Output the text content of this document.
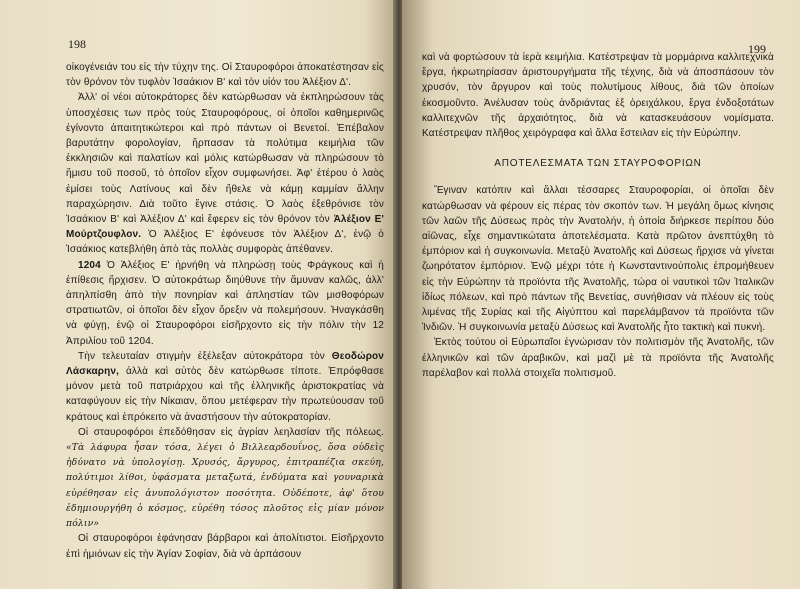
198

οἰκογένειάν του εἰς τὴν τύχην της. Οἱ Σταυροφόροι ἀποκατέστησαν εἰς τὸν θρόνον τὸν τυφλὸν Ἰσαάκιον Β' καὶ τὸν υἱόν του Ἀλέξιον Δ'.

Ἀλλ' οἱ νέοι αὐτοκράτορες δὲν κατώρθωσαν νὰ ἐκπληρώσουν τὰς ὑποσχέσεις των πρὸς τοὺς Σταυροφόρους, οἱ ὁποῖοι καθημερινῶς ἐγίνοντο ἀπαιτητικώτεροι καὶ πρὸ πάντων οἱ Βενετοί. Ἐπέβαλον βαρυτάτην φορολογίαν, ἥρπασαν τὰ πολύτιμα κειμήλια τῶν ἐκκλησιῶν καὶ παλατίων καὶ μόλις κατώρθωσαν νὰ πληρώσουν τὸ ἥμισυ τοῦ ποσοῦ, τὸ ὁποῖον εἶχον συμφωνήσει. Ἀφ' ἑτέρου ὁ λαὸς ἐμίσει τοὺς Λατίνους καὶ δὲν ἤθελε νὰ κάμῃ καμμίαν ἄλλην παραχώρησιν. Διὰ τοῦτο ἔγινε στάσις. Ὁ λαὸς ἐξεθρόνισε τὸν Ἰσαάκιον Β' καὶ Ἀλέξιον Δ' καὶ ἔφερεν εἰς τὸν θρόνον τὸν Ἀλέξιον Ε' Μούρτζουφλον. Ὁ Ἀλέξιος Ε' ἐφόνευσε τὸν Ἀλέξιον Δ', ἐνῷ ὁ Ἰσαάκιος κατεβλήθη ἀπὸ τὰς πολλὰς συμφορὰς ἀπέθανεν.

1204 Ὁ Ἀλέξιος Ε' ἠρνήθη νὰ πληρώσῃ τοὺς Φράγκους καὶ ἡ ἐπίθεσις ἤρχισεν. Ὁ αὐτοκράτωρ διηύθυνε τὴν ἄμυναν καλῶς, ἀλλ' ἀπηλπίσθη ἀπὸ τὴν πονηρίαν καὶ ἀπληστίαν τῶν μισθοφόρων στρατιωτῶν, οἱ ὁποῖοι δὲν εἶχον ὄρεξιν νὰ πολεμήσουν. Ἠναγκάσθη νὰ φύγῃ, ἐνῷ οἱ Σταυροφόροι εἰσῆρχοντο εἰς τὴν πόλιν τὴν 12 Ἀπριλίου τοῦ 1204.

Τὴν τελευταίαν στιγμὴν ἐξέλεξαν αὐτοκράτορα τὸν Θεοδώρον Λάσκαρην, ἀλλὰ καὶ αὐτὸς δὲν κατώρθωσε τίποτε. Ἐπρόφθασε μόνον μετὰ τοῦ πατριάρχου καὶ τῆς ἑλληνικῆς ἀριστοκρατίας νὰ καταφύγουν εἰς τὴν Νίκαιαν, ὅπου μετέφεραν τὴν πρωτεύουσαν τοῦ κράτους καὶ ἐπρόκειτο νὰ ἀναστήσουν τὴν αὐτοκρατορίαν.

Οἱ σταυροφόροι ἐπεδόθησαν εἰς ἀγρίαν λεηλασίαν τῆς πόλεως. «Τὰ λάφυρα ἦσαν τόσα, λέγει ὁ Βιλλεαρδουΐνος, ὅσα οὐδεὶς ἠδύνατο νὰ ὑπολογίσῃ. Χρυσός, ἄργυρος, ἐπιτραπέζια σκεύη, πολύτιμοι λίθοι, ὑφάσματα μεταξωτά, ἐνδύματα καὶ γουναρικὰ εὑρέθησαν εἰς ἀνυπολόγιστον ποσότητα. Οὐδέποτε, ἀφ' ὅτου ἐδημιουργήθη ὁ κόσμος, εὑρέθη τόσος πλοῦτος εἰς μίαν μόνον πόλιν»

Οἱ σταυροφόροι ἐφάνησαν βάρβαροι καὶ ἀπολίτιστοι. Εἰσῆρχοντο ἐπὶ ἡμιόνων εἰς τὴν Ἁγίαν Σοφίαν, διὰ νὰ ἀρπάσουν

199

καὶ νὰ φορτώσουν τὰ ἱερὰ κειμήλια. Κατέστρεψαν τὰ μορμάρινα καλλιτεχνικὰ ἔργα, ἠκρωτηρίασαν ἀριστουργήματα τῆς τέχνης, διὰ νὰ ἀποσπάσουν τὸν χρυσόν, τὸν ἄργυρον καὶ τοὺς πολυτίμους λίθους, διὰ τῶν ὁποίων ἐκοσμοῦντο. Ἀνέλυσαν τοὺς ἀνδριάντας ἐξ ὀρειχάλκου, ἔργα ἐνδοξοτάτων καλλιτεχνῶν τῆς ἀρχαιότητος, διὰ νὰ κατασκευάσουν νομίσματα. Κατέστρεψαν πλῆθος χειρόγραφα καὶ ἄλλα ἔστειλαν εἰς τὴν Εὐρώπην.

ΑΠΟΤΕΛΕΣΜΑΤΑ ΤΩΝ ΣΤΑΥΡΟΦΟΡΙΩΝ

Ἔγιναν κατόπιν καὶ ἄλλαι τέσσαρες Σταυροφορίαι, οἱ ὁποῖαι δὲν κατώρθωσαν νὰ φέρουν εἰς πέρας τὸν σκοπόν των. Ἡ μεγάλη ὅμως κίνησις τῶν λαῶν τῆς Δύσεως πρὸς τὴν Ἀνατολήν, ἡ ὁποία διήρκεσε περίπου δύο αἰῶνας, εἶχε σημαντικώτατα ἀποτελέσματα. Κατὰ πρῶτον ἀνεπτύχθη τὸ ἐμπόριον καὶ ἡ συγκοινωνία. Μεταξὺ Ἀνατολῆς καὶ Δύσεως ἤρχισε νὰ γίνεται ζωηρότατον ἐμπόριον. Ἐνῷ μέχρι τότε ἡ Κωνσταντινούπολις ἐπρομήθευεν εἰς τὴν Εὐρώπην τὰ προϊόντα τῆς Ἀνατολῆς, τώρα οἱ ναυτικοὶ τῶν Ἰταλικῶν ἰδίως πόλεων, καὶ πρὸ πάντων τῆς Βενετίας, συνήθισαν νὰ πλέουν εἰς τοὺς λιμένας τῆς Συρίας καὶ τῆς Αἰγύπτου καὶ παρελάμβανον τὰ προϊόντα τῶν Ἰνδιῶν. Ἡ συγκοινωνία μεταξὺ Δύσεως καὶ Ἀνατολῆς ἦτο τακτικὴ καὶ πυκνή.

Ἐκτὸς τούτου οἱ Εὐρωπαῖοι ἐγνώρισαν τὸν πολιτισμὸν τῆς Ἀνατολῆς, τῶν ἑλληνικῶν καὶ τῶν ἀραβικῶν, καὶ μαζὶ μὲ τὰ προϊόντα τῆς Ἀνατολῆς παρέλαβον καὶ πολλὰ στοιχεῖα πολιτισμοῦ.
